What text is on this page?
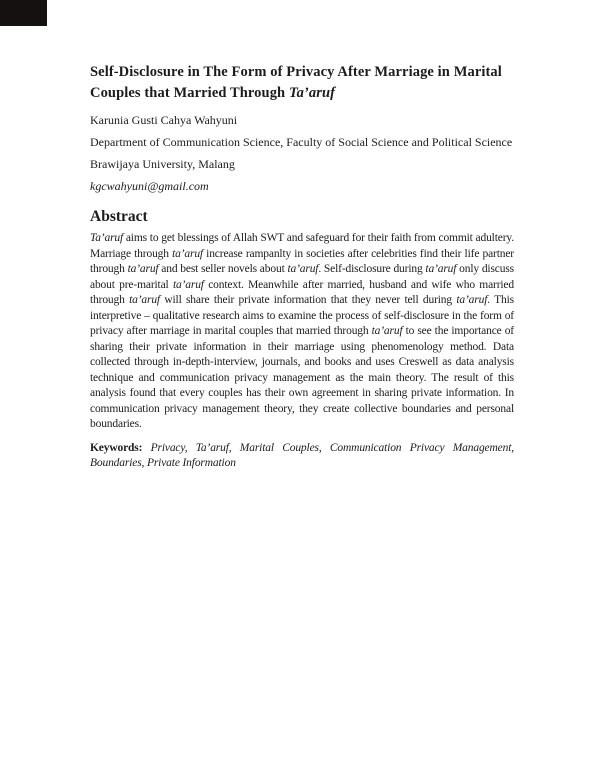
Self-Disclosure in The Form of Privacy After Marriage in Marital Couples that Married Through Ta’aruf

Karunia Gusti Cahya Wahyuni

Department of Communication Science, Faculty of Social Science and Political Science

Brawijaya University, Malang

kgcwahyuni@gmail.com

Abstract

Ta’aruf aims to get blessings of Allah SWT and safeguard for their faith from commit adultery. Marriage through ta’aruf increase rampanlty in societies after celebrities find their life partner through ta’aruf and best seller novels about ta’aruf. Self-disclosure during ta’aruf only discuss about pre-marital ta’aruf context. Meanwhile after married, husband and wife who married through ta’aruf will share their private information that they never tell during ta’aruf. This interpretive – qualitative research aims to examine the process of self-disclosure in the form of privacy after marriage in marital couples that married through ta’aruf to see the importance of sharing their private information in their marriage using phenomenology method. Data collected through in-depth-interview, journals, and books and uses Creswell as data analysis technique and communication privacy management as the main theory. The result of this analysis found that every couples has their own agreement in sharing private information. In communication privacy management theory, they create collective boundaries and personal boundaries.

Keywords: Privacy, Ta’aruf, Marital Couples, Communication Privacy Management, Boundaries, Private Information
